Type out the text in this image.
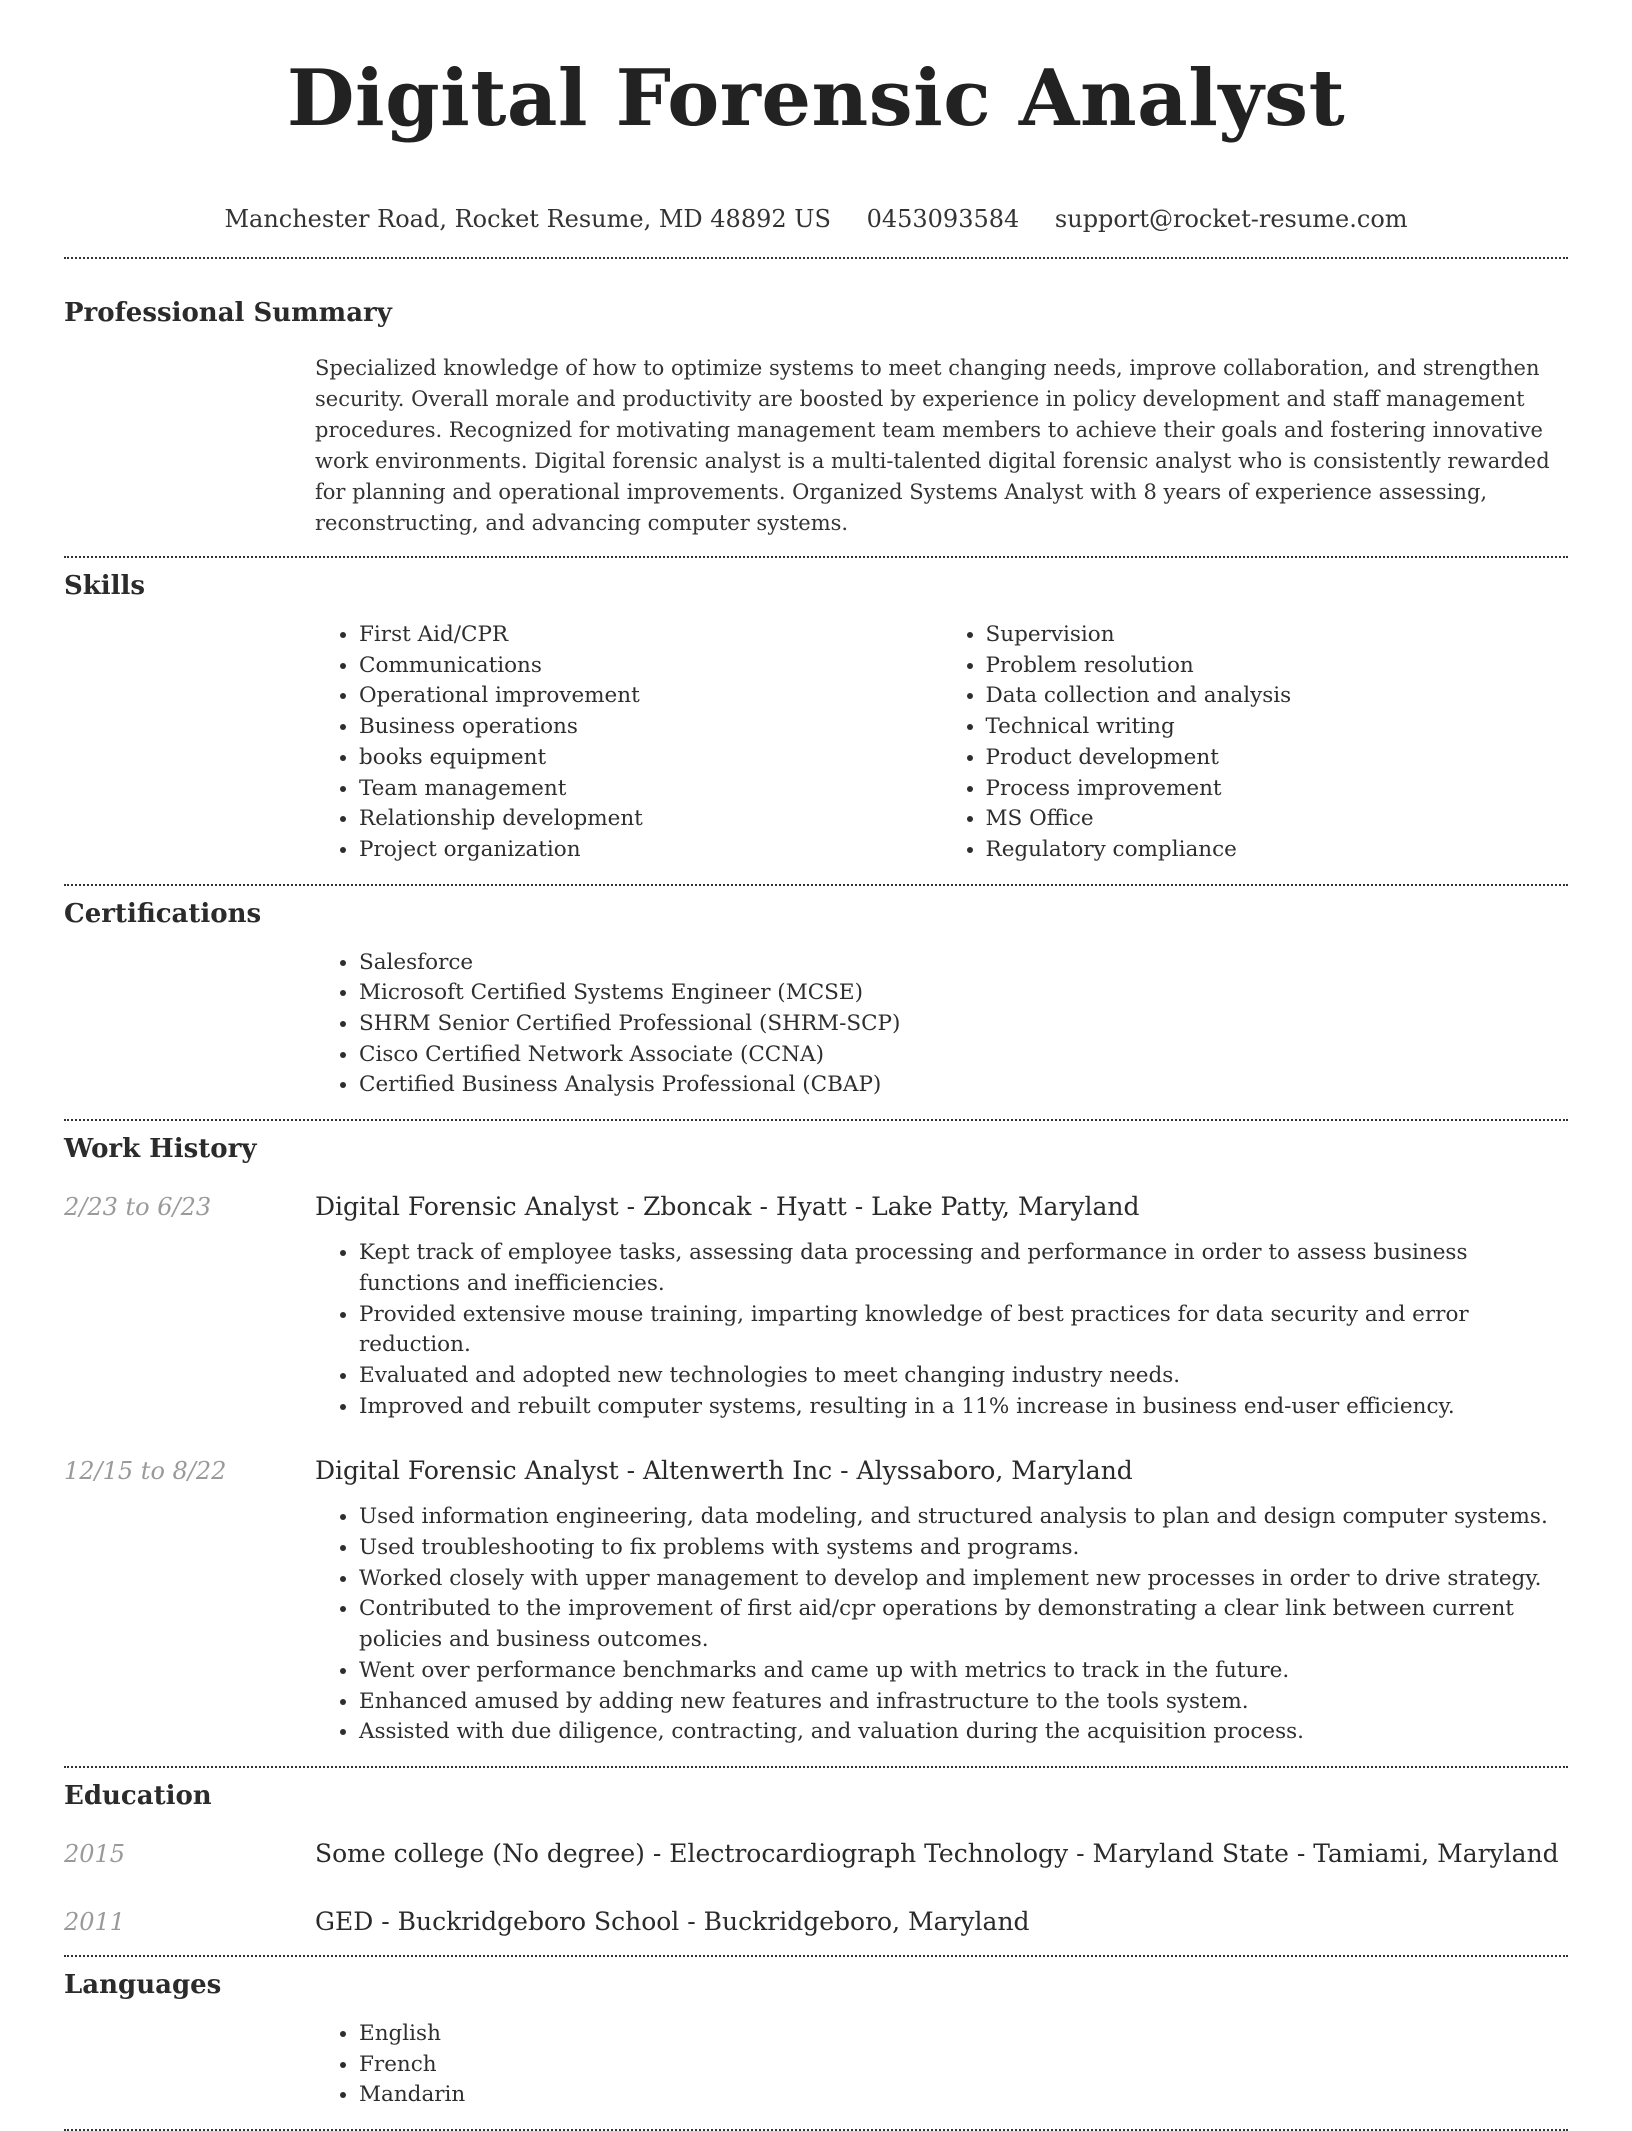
Digital Forensic Analyst
Manchester Road, Rocket Resume, MD 48892 US 0453093584 support@rocket-resume.com
Professional Summary

Specialized knowledge of how to optimize systems to meet changing needs, improve collaboration, and strengthen security. Overall morale and productivity are boosted by experience in policy development and staff management procedures. Recognized for motivating management team members to achieve their goals and fostering innovative work environments. Digital forensic analyst is a multi-talented digital forensic analyst who is consistently rewarded for planning and operational improvements. Organized Systems Analyst with 8 years of experience assessing, reconstructing, and advancing computer systems.

Skills
• First Aid/CPR
• Communications
• Operational improvement
• Business operations
• books equipment
• Team management
• Relationship development
• Project organization
• Supervision
• Problem resolution
• Data collection and analysis
• Technical writing
• Product development
• Process improvement
• MS Office
• Regulatory compliance
Certifications
• Salesforce
• Microsoft Certified Systems Engineer (MCSE)
• SHRM Senior Certified Professional (SHRM-SCP)
• Cisco Certified Network Associate (CCNA)
• Certified Business Analysis Professional (CBAP)
Work History
2/23 to 6/23	Digital Forensic Analyst - Zboncak - Hyatt - Lake Patty, Maryland
• Kept track of employee tasks, assessing data processing and performance in order to assess business functions and inefficiencies.
• Provided extensive mouse training, imparting knowledge of best practices for data security and error reduction.
• Evaluated and adopted new technologies to meet changing industry needs.
• Improved and rebuilt computer systems, resulting in a 11% increase in business end-user efficiency.
12/15 to 8/22	Digital Forensic Analyst - Altenwerth Inc - Alyssaboro, Maryland
• Used information engineering, data modeling, and structured analysis to plan and design computer systems.
• Used troubleshooting to fix problems with systems and programs.
• Worked closely with upper management to develop and implement new processes in order to drive strategy.
• Contributed to the improvement of first aid/cpr operations by demonstrating a clear link between current policies and business outcomes.
• Went over performance benchmarks and came up with metrics to track in the future.
• Enhanced amused by adding new features and infrastructure to the tools system.
• Assisted with due diligence, contracting, and valuation during the acquisition process.
Education
2015	Some college (No degree) - Electrocardiograph Technology - Maryland State - Tamiami, Maryland
2011	GED - Buckridgeboro School - Buckridgeboro, Maryland
Languages
• English
• French
• Mandarin
